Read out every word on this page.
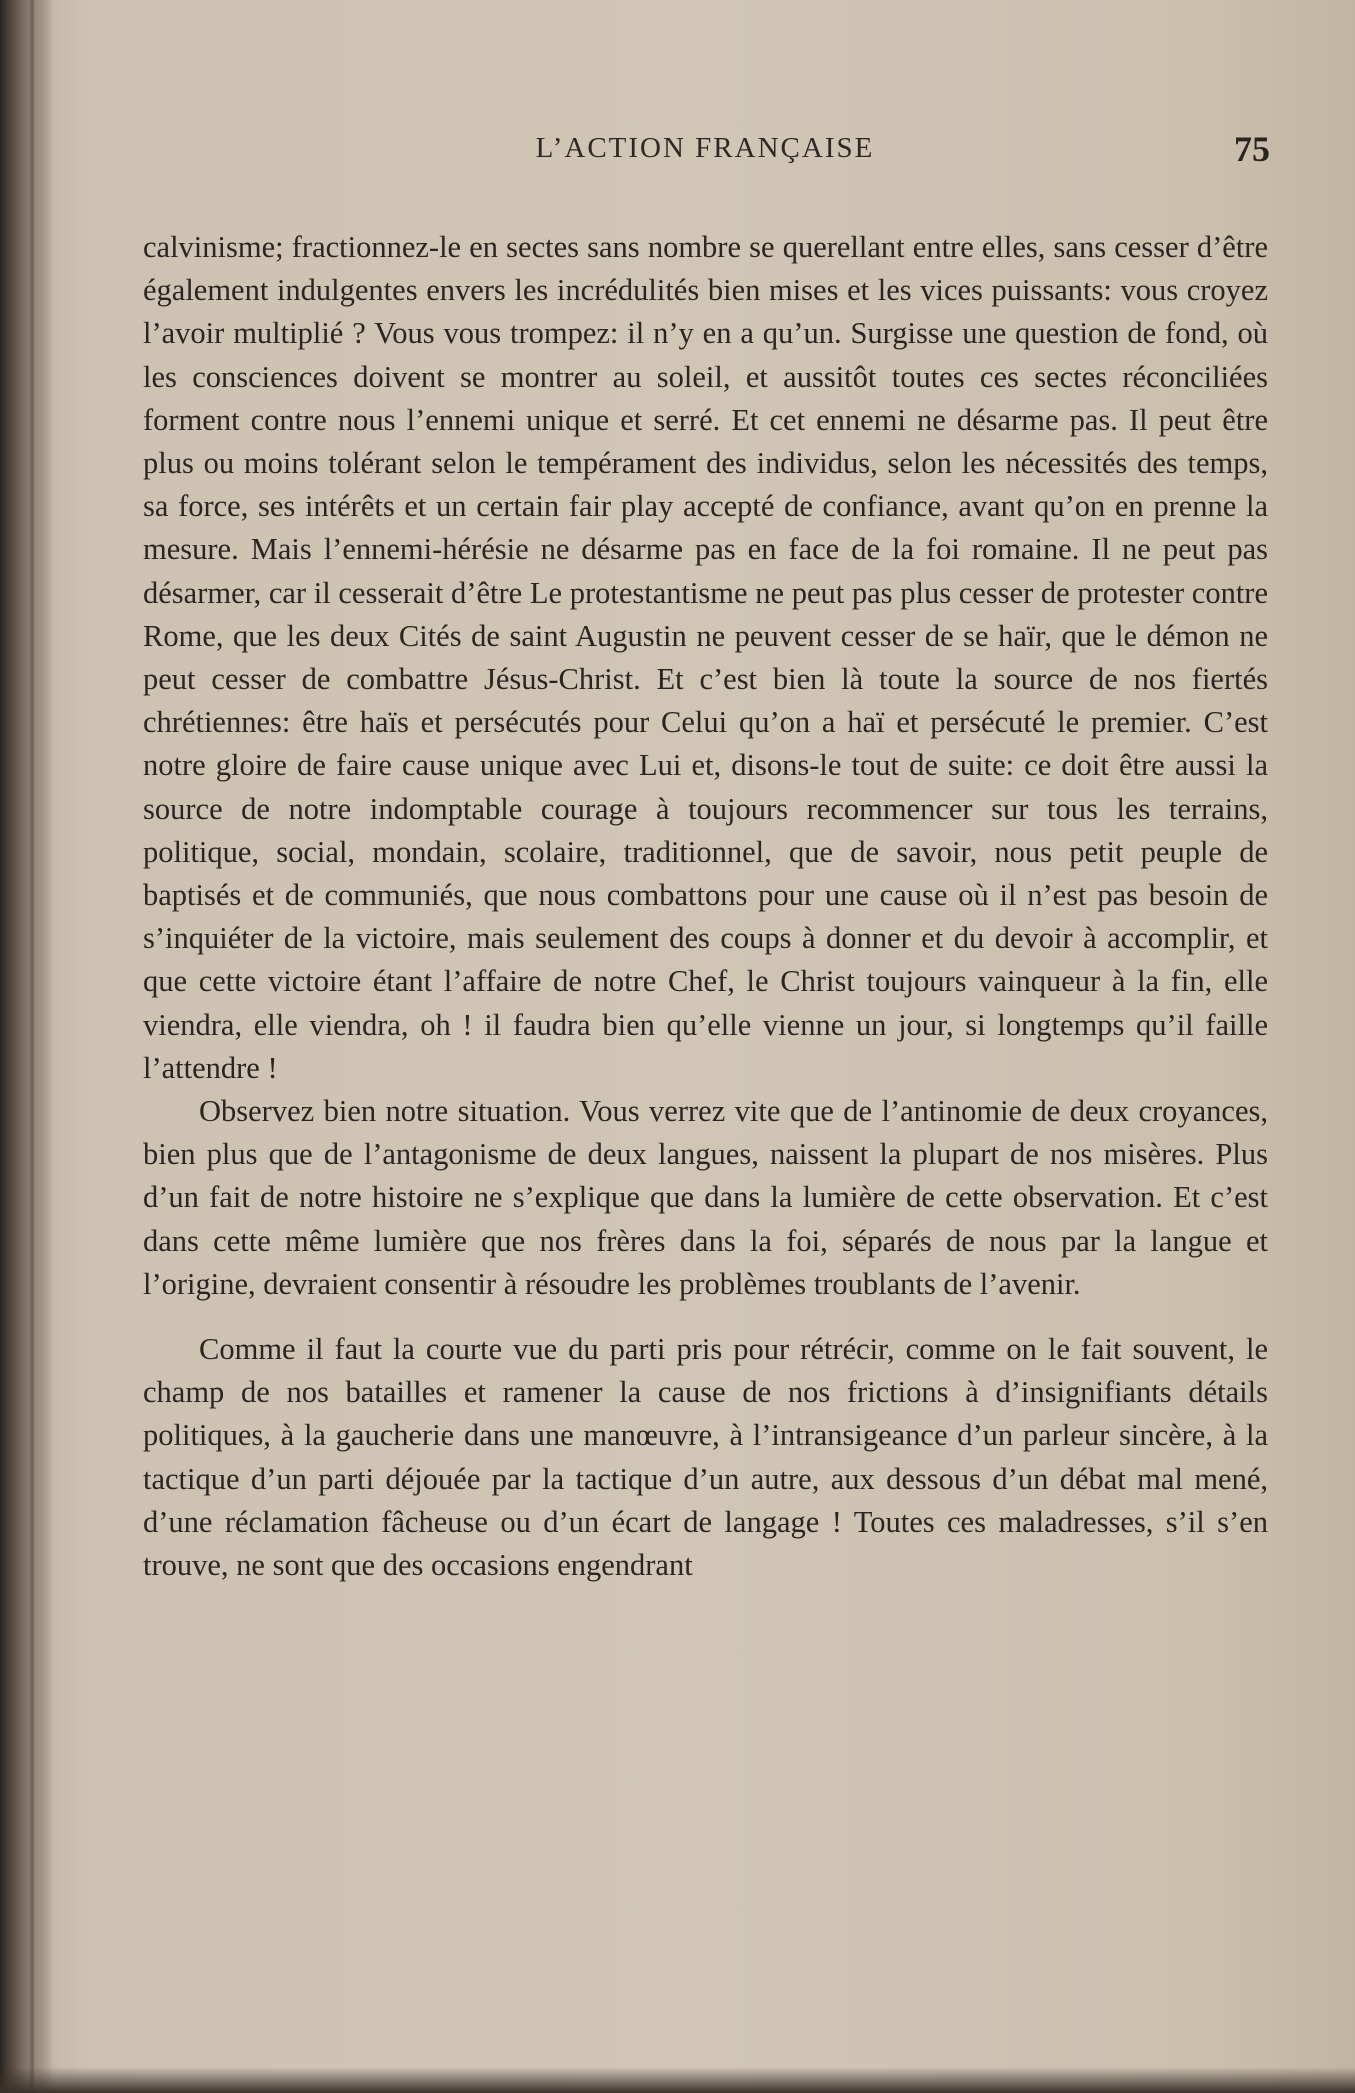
L’ACTION FRANÇAISE	75

calvinisme; fractionnez-le en sectes sans nombre se querellant entre elles, sans cesser d’être également indulgentes envers les incrédulités bien mises et les vices puissants: vous croyez l’avoir multiplié ? Vous vous trompez: il n’y en a qu’un. Surgisse une question de fond, où les consciences doivent se montrer au soleil, et aussitôt toutes ces sectes réconciliées forment contre nous l’ennemi unique et serré. Et cet ennemi ne désarme pas. Il peut être plus ou moins tolérant selon le tempérament des individus, selon les nécessités des temps, sa force, ses intérêts et un certain fair play accepté de confiance, avant qu’on en prenne la mesure. Mais l’ennemi-hérésie ne désarme pas en face de la foi romaine. Il ne peut pas désarmer, car il cesserait d’être Le protestantisme ne peut pas plus cesser de protester contre Rome, que les deux Cités de saint Augustin ne peuvent cesser de se haïr, que le démon ne peut cesser de combattre Jésus-Christ. Et c’est bien là toute la source de nos fiertés chrétiennes: être haïs et persécutés pour Celui qu’on a haï et persécuté le premier. C’est notre gloire de faire cause unique avec Lui et, disons-le tout de suite: ce doit être aussi la source de notre indomptable courage à toujours recommencer sur tous les terrains, politique, social, mondain, scolaire, traditionnel, que de savoir, nous petit peuple de baptisés et de communiés, que nous combattons pour une cause où il n’est pas besoin de s’inquiéter de la victoire, mais seulement des coups à donner et du devoir à accomplir, et que cette victoire étant l’affaire de notre Chef, le Christ toujours vainqueur à la fin, elle viendra, elle viendra, oh ! il faudra bien qu’elle vienne un jour, si longtemps qu’il faille l’attendre !

Observez bien notre situation. Vous verrez vite que de l’antinomie de deux croyances, bien plus que de l’antagonisme de deux langues, naissent la plupart de nos misères. Plus d’un fait de notre histoire ne s’explique que dans la lumière de cette observation. Et c’est dans cette même lumière que nos frères dans la foi, séparés de nous par la langue et l’origine, devraient consentir à résoudre les problèmes troublants de l’avenir.

Comme il faut la courte vue du parti pris pour rétrécir, comme on le fait souvent, le champ de nos batailles et ramener la cause de nos frictions à d’insignifiants détails politiques, à la gaucherie dans une manœuvre, à l’intransigeance d’un parleur sincère, à la tactique d’un parti déjouée par la tactique d’un autre, aux dessous d’un débat mal mené, d’une réclamation fâcheuse ou d’un écart de langage ! Toutes ces maladresses, s’il s’en trouve, ne sont que des occasions engendrant
